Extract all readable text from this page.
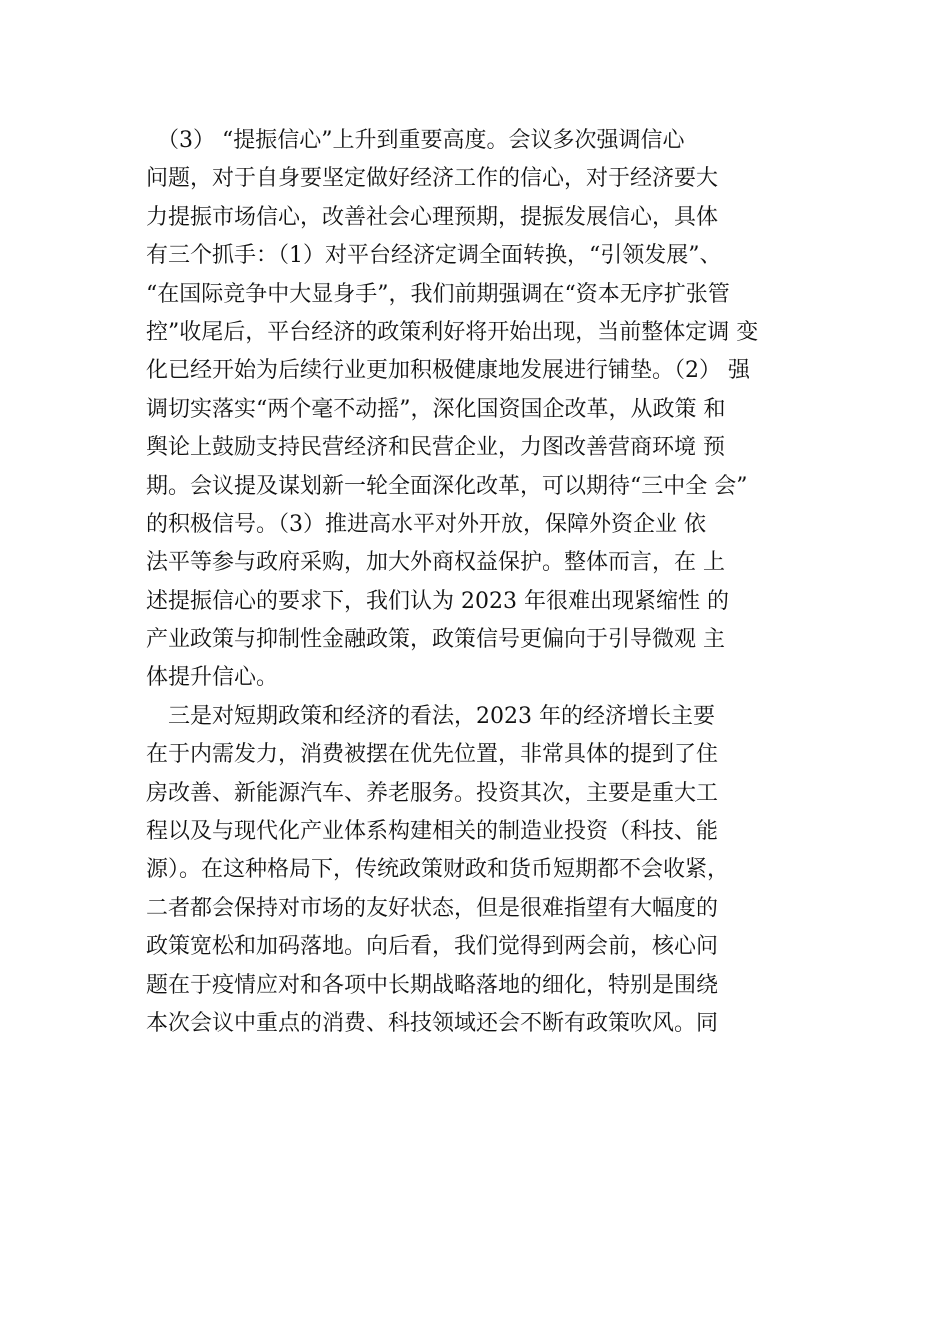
　（3） “提振信心”上升到重要高度。会议多次强调信心
问题，对于自身要坚定做好经济工作的信心，对于经济要大
力提振市场信心，改善社会心理预期，提振发展信心，具体
有三个抓手：（1）对平台经济定调全面转换，“引领发展”、
“在国际竞争中大显身手”，我们前期强调在“资本无序扩张管
控”收尾后，平台经济的政策利好将开始出现，当前整体定调 变
化已经开始为后续行业更加积极健康地发展进行铺垫。（2） 强
调切实落实“两个毫不动摇”，深化国资国企改革，从政策 和
舆论上鼓励支持民营经济和民营企业，力图改善营商环境 预
期。会议提及谋划新一轮全面深化改革，可以期待“三中全 会”
的积极信号。（3）推进高水平对外开放，保障外资企业 依
法平等参与政府采购，加大外商权益保护。整体而言，在 上
述提振信心的要求下，我们认为 2023 年很难出现紧缩性 的
产业政策与抑制性金融政策，政策信号更偏向于引导微观 主
体提升信心。
　三是对短期政策和经济的看法，2023 年的经济增长主要
在于内需发力，消费被摆在优先位置，非常具体的提到了住
房改善、新能源汽车、养老服务。投资其次，主要是重大工
程以及与现代化产业体系构建相关的制造业投资（科技、能
源）。在这种格局下，传统政策财政和货币短期都不会收紧，
二者都会保持对市场的友好状态，但是很难指望有大幅度的
政策宽松和加码落地。向后看，我们觉得到两会前，核心问
题在于疫情应对和各项中长期战略落地的细化，特别是围绕
本次会议中重点的消费、科技领域还会不断有政策吹风。同
